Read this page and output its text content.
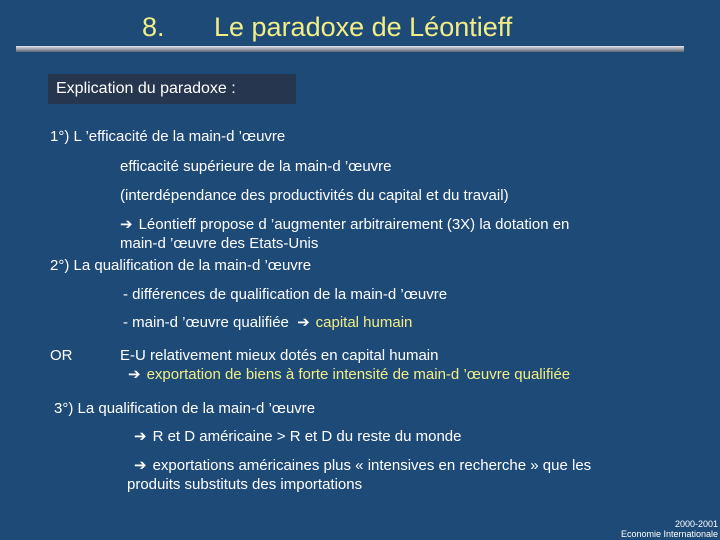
8. Le paradoxe de Léontieff
Explication du paradoxe :
1°) L ’efficacité de la main-d ’œuvre
efficacité supérieure de la main-d ’œuvre
(interdépendance des productivités du capital et du travail)
➔ Léontieff propose d ’augmenter arbitrairement (3X) la dotation en
main-d ’œuvre des Etats-Unis
2°) La qualification de la main-d ’œuvre
- différences de qualification de la main-d ’œuvre
- main-d ’œuvre qualifiée ➔ capital humain
OR	E-U relativement mieux dotés en capital humain
➔ exportation de biens à forte intensité de main-d ’œuvre qualifiée
3°) La qualification de la main-d ’œuvre
➔ R et D américaine > R et D du reste du monde
➔ exportations américaines plus « intensives en recherche » que les
produits substituts des importations
2000-2001
Economie Internationale
